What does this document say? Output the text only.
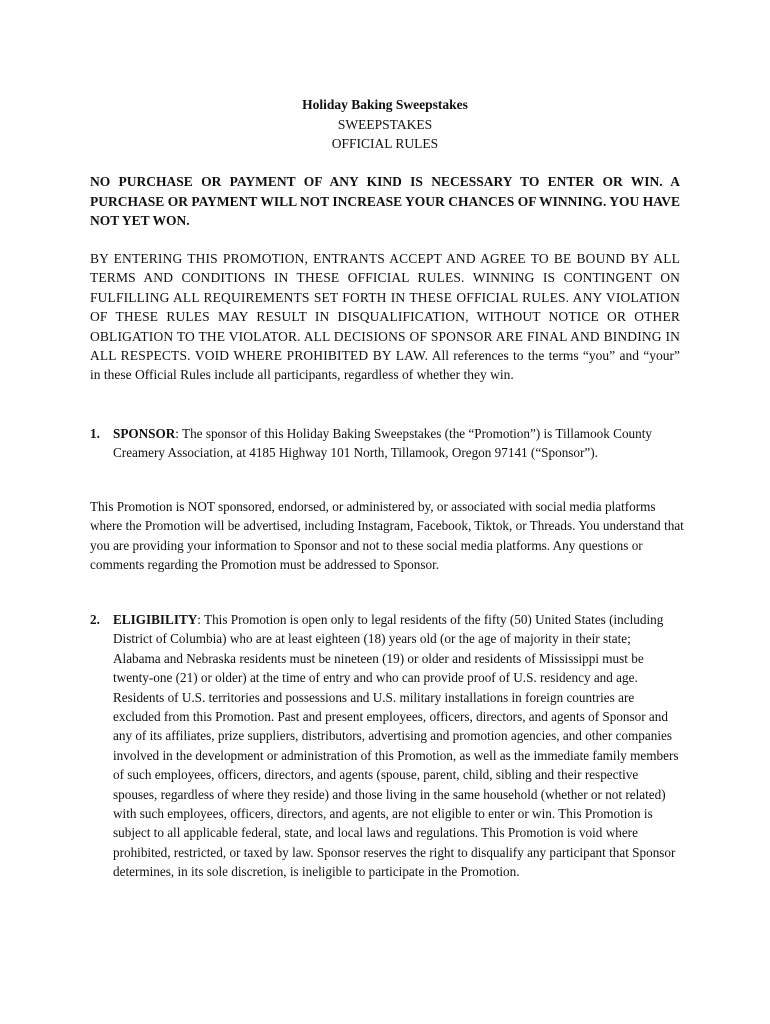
Holiday Baking Sweepstakes
SWEEPSTAKES
OFFICIAL RULES
NO PURCHASE OR PAYMENT OF ANY KIND IS NECESSARY TO ENTER OR WIN. A PURCHASE OR PAYMENT WILL NOT INCREASE YOUR CHANCES OF WINNING. YOU HAVE NOT YET WON.
BY ENTERING THIS PROMOTION, ENTRANTS ACCEPT AND AGREE TO BE BOUND BY ALL TERMS AND CONDITIONS IN THESE OFFICIAL RULES. WINNING IS CONTINGENT ON FULFILLING ALL REQUIREMENTS SET FORTH IN THESE OFFICIAL RULES. ANY VIOLATION OF THESE RULES MAY RESULT IN DISQUALIFICATION, WITHOUT NOTICE OR OTHER OBLIGATION TO THE VIOLATOR. ALL DECISIONS OF SPONSOR ARE FINAL AND BINDING IN ALL RESPECTS. VOID WHERE PROHIBITED BY LAW. All references to the terms “you” and “your” in these Official Rules include all participants, regardless of whether they win.
1. SPONSOR: The sponsor of this Holiday Baking Sweepstakes (the “Promotion”) is Tillamook County Creamery Association, at 4185 Highway 101 North, Tillamook, Oregon 97141 (“Sponsor”).
This Promotion is NOT sponsored, endorsed, or administered by, or associated with social media platforms where the Promotion will be advertised, including Instagram, Facebook, Tiktok, or Threads. You understand that you are providing your information to Sponsor and not to these social media platforms. Any questions or comments regarding the Promotion must be addressed to Sponsor.
2. ELIGIBILITY: This Promotion is open only to legal residents of the fifty (50) United States (including District of Columbia) who are at least eighteen (18) years old (or the age of majority in their state; Alabama and Nebraska residents must be nineteen (19) or older and residents of Mississippi must be twenty-one (21) or older) at the time of entry and who can provide proof of U.S. residency and age. Residents of U.S. territories and possessions and U.S. military installations in foreign countries are excluded from this Promotion. Past and present employees, officers, directors, and agents of Sponsor and any of its affiliates, prize suppliers, distributors, advertising and promotion agencies, and other companies involved in the development or administration of this Promotion, as well as the immediate family members of such employees, officers, directors, and agents (spouse, parent, child, sibling and their respective spouses, regardless of where they reside) and those living in the same household (whether or not related) with such employees, officers, directors, and agents, are not eligible to enter or win. This Promotion is subject to all applicable federal, state, and local laws and regulations. This Promotion is void where prohibited, restricted, or taxed by law. Sponsor reserves the right to disqualify any participant that Sponsor determines, in its sole discretion, is ineligible to participate in the Promotion.
